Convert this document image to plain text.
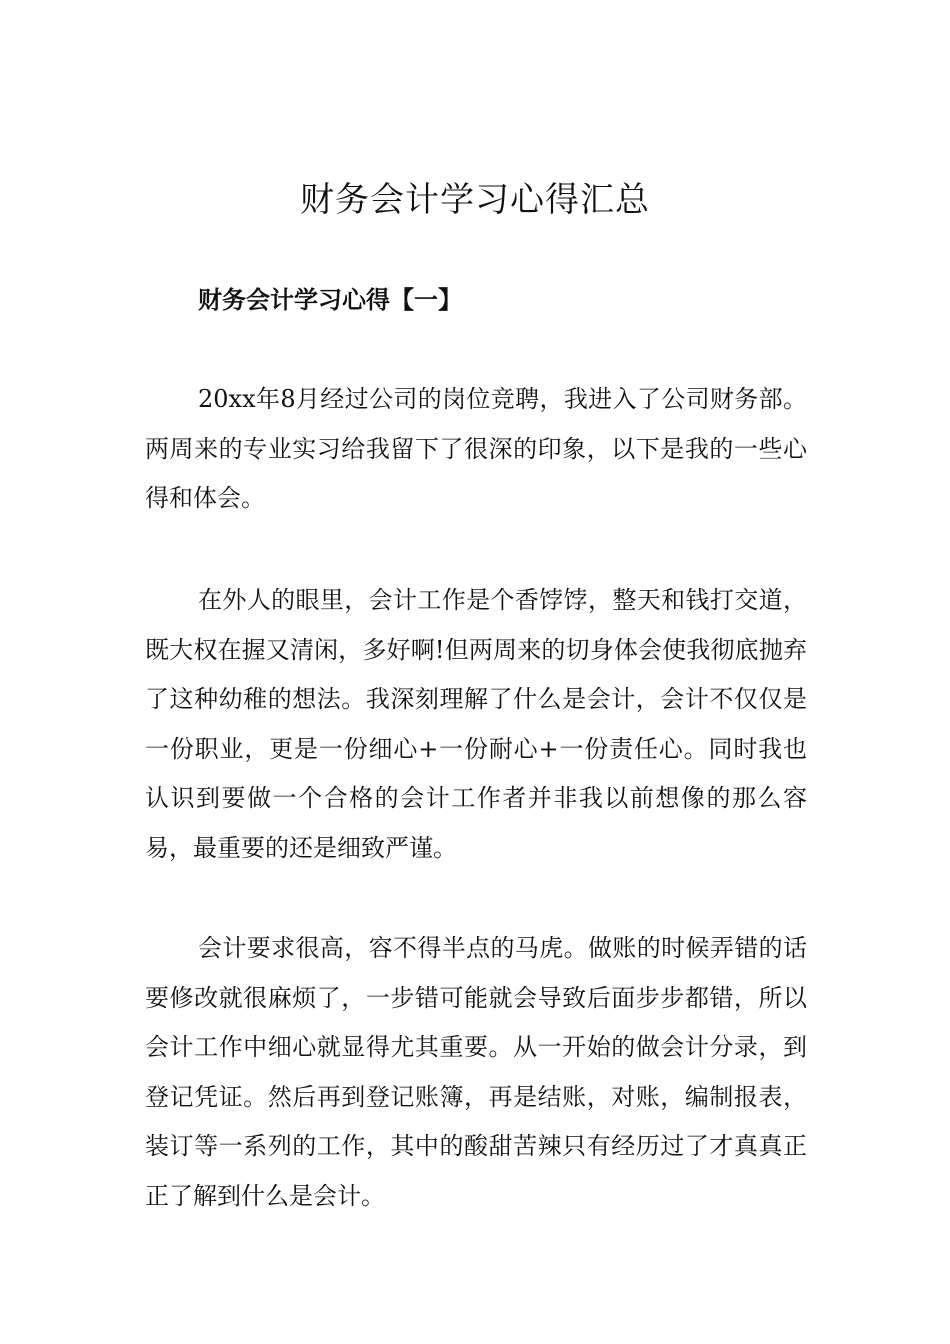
财务会计学习心得汇总
财务会计学习心得【一】

20xx年8月经过公司的岗位竞聘，我进入了公司财务部。两周来的专业实习给我留下了很深的印象，以下是我的一些心得和体会。

在外人的眼里，会计工作是个香饽饽，整天和钱打交道，既大权在握又清闲，多好啊!但两周来的切身体会使我彻底抛弃了这种幼稚的想法。我深刻理解了什么是会计，会计不仅仅是一份职业，更是一份细心+一份耐心+一份责任心。同时我也认识到要做一个合格的会计工作者并非我以前想像的那么容易，最重要的还是细致严谨。

会计要求很高，容不得半点的马虎。做账的时候弄错的话要修改就很麻烦了，一步错可能就会导致后面步步都错，所以会计工作中细心就显得尤其重要。从一开始的做会计分录，到登记凭证。然后再到登记账簿，再是结账，对账，编制报表，装订等一系列的工作，其中的酸甜苦辣只有经历过了才真真正正了解到什么是会计。
